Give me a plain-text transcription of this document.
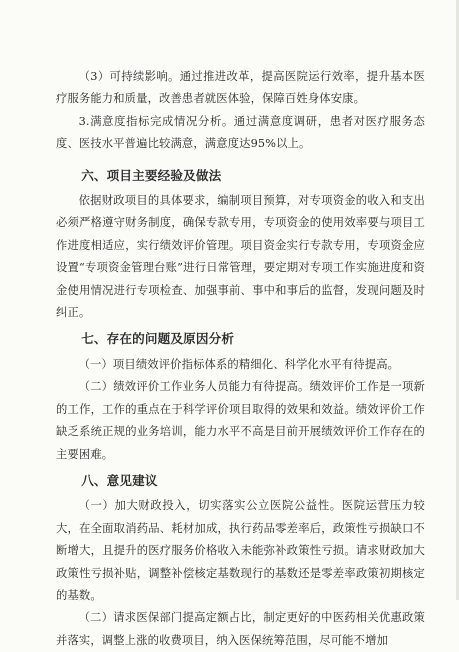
（3）可持续影响。通过推进改革，提高医院运行效率，提升基本医疗服务能力和质量，改善患者就医体验，保障百姓身体安康。

3.满意度指标完成情况分析。通过满意度调研，患者对医疗服务态度、医技水平普遍比较满意，满意度达95%以上。

六、项目主要经验及做法

依据财政项目的具体要求，编制项目预算，对专项资金的收入和支出必须严格遵守财务制度，确保专款专用，专项资金的使用效率要与项目工作进度相适应，实行绩效评价管理。项目资金实行专款专用，专项资金应设置“专项资金管理台账”进行日常管理，要定期对专项工作实施进度和资金使用情况进行专项检查、加强事前、事中和事后的监督，发现问题及时纠正。

七、存在的问题及原因分析

（一）项目绩效评价指标体系的精细化、科学化水平有待提高。

（二）绩效评价工作业务人员能力有待提高。绩效评价工作是一项新的工作，工作的重点在于科学评价项目取得的效果和效益。绩效评价工作缺乏系统正规的业务培训，能力水平不高是目前开展绩效评价工作存在的主要困难。

八、意见建议

（一）加大财政投入，切实落实公立医院公益性。医院运营压力较大，在全面取消药品、耗材加成，执行药品零差率后，政策性亏损缺口不断增大，且提升的医疗服务价格收入未能弥补政策性亏损。请求财政加大政策性亏损补贴，调整补偿核定基数现行的基数还是零差率政策初期核定的基数。

（二）请求医保部门提高定额占比，制定更好的中医药相关优惠政策并落实，调整上涨的收费项目，纳入医保统筹范围，尽可能不增加
